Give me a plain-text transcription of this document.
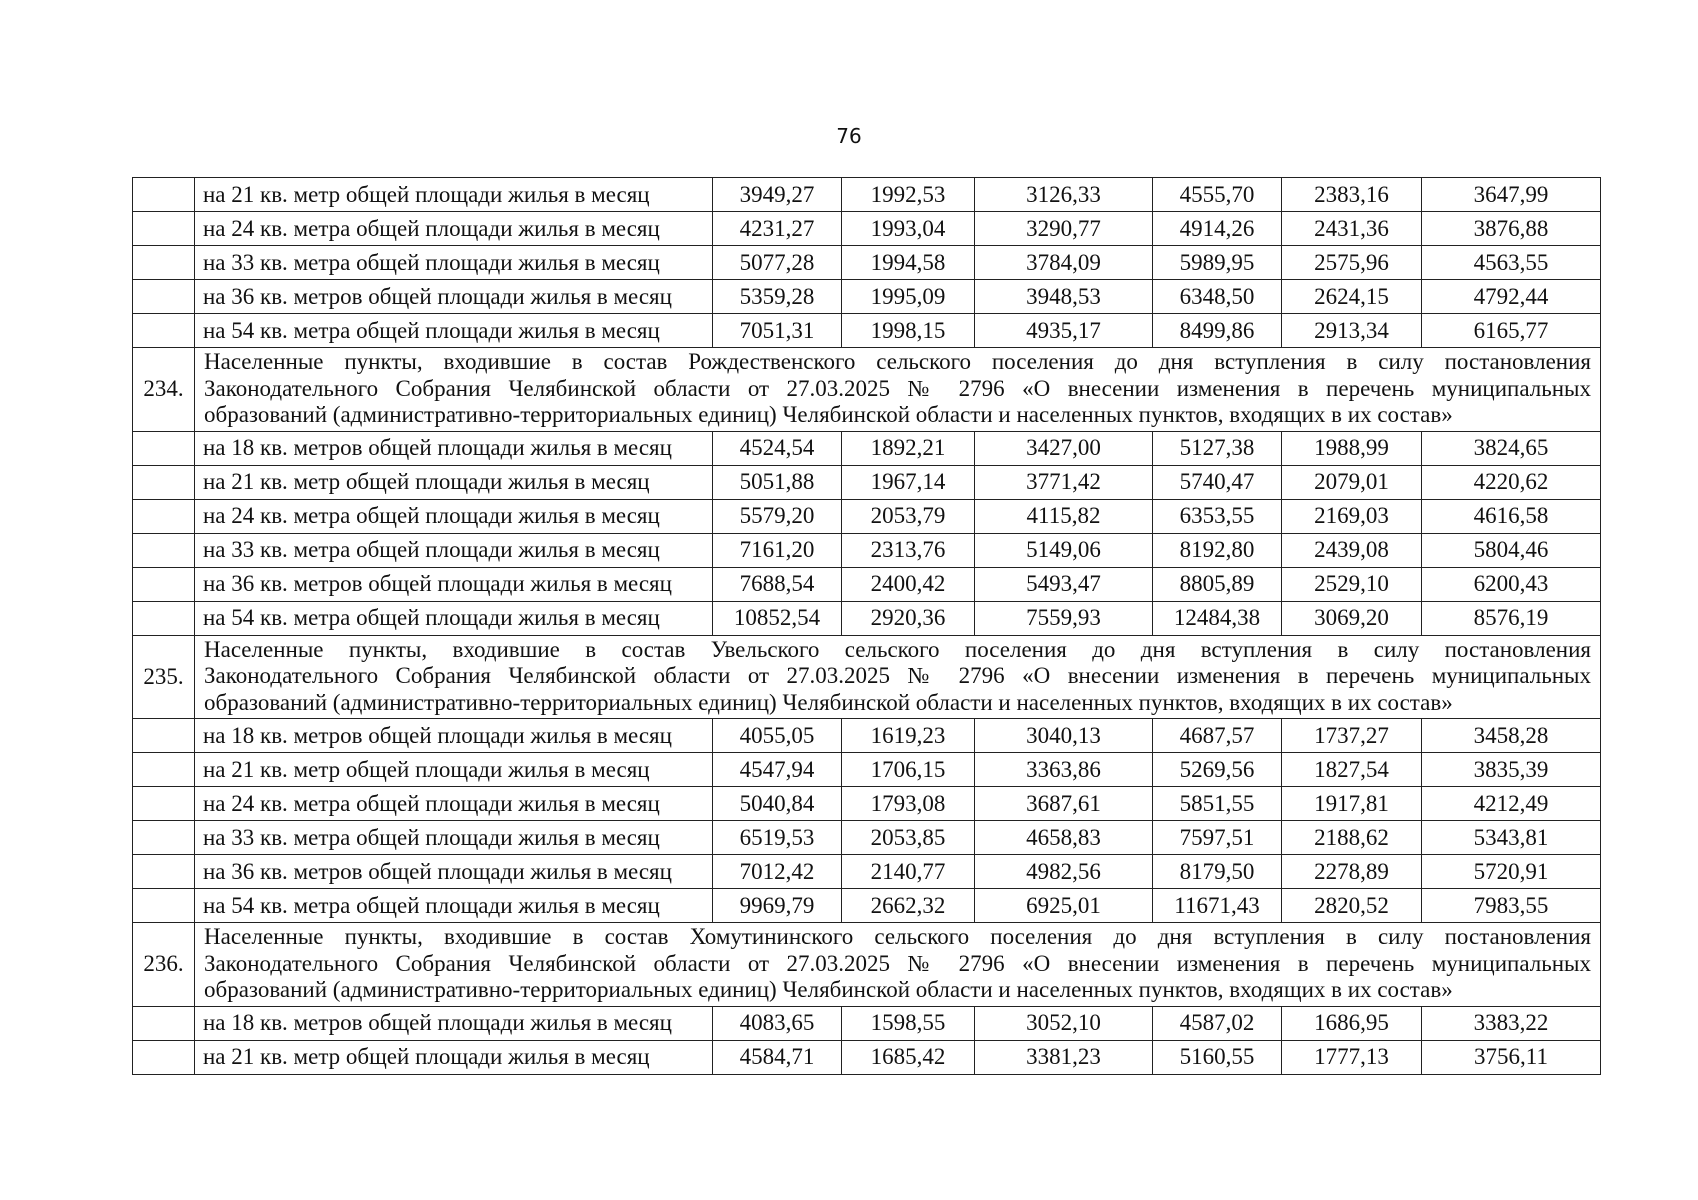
76
	на 21 кв. метр общей площади жилья в месяц	3949,27	1992,53	3126,33	4555,70	2383,16	3647,99
	на 24 кв. метра общей площади жилья в месяц	4231,27	1993,04	3290,77	4914,26	2431,36	3876,88
	на 33 кв. метра общей площади жилья в месяц	5077,28	1994,58	3784,09	5989,95	2575,96	4563,55
	на 36 кв. метров общей площади жилья в месяц	5359,28	1995,09	3948,53	6348,50	2624,15	4792,44
	на 54 кв. метра общей площади жилья в месяц	7051,31	1998,15	4935,17	8499,86	2913,34	6165,77
234.	Населенные пункты, входившие в состав Рождественского сельского поселения до дня вступления в силу постановления
Законодательного Собрания Челябинской области от 27.03.2025 № 2796 «О внесении изменения в перечень муниципальных
образований (административно-территориальных единиц) Челябинской области и населенных пунктов, входящих в их состав»						

	на 18 кв. метров общей площади жилья в месяц	4524,54	1892,21	3427,00	5127,38	1988,99	3824,65
	на 21 кв. метр общей площади жилья в месяц	5051,88	1967,14	3771,42	5740,47	2079,01	4220,62
	на 24 кв. метра общей площади жилья в месяц	5579,20	2053,79	4115,82	6353,55	2169,03	4616,58
	на 33 кв. метра общей площади жилья в месяц	7161,20	2313,76	5149,06	8192,80	2439,08	5804,46
	на 36 кв. метров общей площади жилья в месяц	7688,54	2400,42	5493,47	8805,89	2529,10	6200,43
	на 54 кв. метра общей площади жилья в месяц	10852,54	2920,36	7559,93	12484,38	3069,20	8576,19
235.	Населенные пункты, входившие в состав Увельского сельского поселения до дня вступления в силу постановления
Законодательного Собрания Челябинской области от 27.03.2025 № 2796 «О внесении изменения в перечень муниципальных
образований (административно-территориальных единиц) Челябинской области и населенных пунктов, входящих в их состав»						

	на 18 кв. метров общей площади жилья в месяц	4055,05	1619,23	3040,13	4687,57	1737,27	3458,28
	на 21 кв. метр общей площади жилья в месяц	4547,94	1706,15	3363,86	5269,56	1827,54	3835,39
	на 24 кв. метра общей площади жилья в месяц	5040,84	1793,08	3687,61	5851,55	1917,81	4212,49
	на 33 кв. метра общей площади жилья в месяц	6519,53	2053,85	4658,83	7597,51	2188,62	5343,81
	на 36 кв. метров общей площади жилья в месяц	7012,42	2140,77	4982,56	8179,50	2278,89	5720,91
	на 54 кв. метра общей площади жилья в месяц	9969,79	2662,32	6925,01	11671,43	2820,52	7983,55
236.	Населенные пункты, входившие в состав Хомутининского сельского поселения до дня вступления в силу постановления
Законодательного Собрания Челябинской области от 27.03.2025 № 2796 «О внесении изменения в перечень муниципальных
образований (административно-территориальных единиц) Челябинской области и населенных пунктов, входящих в их состав»						

	на 18 кв. метров общей площади жилья в месяц	4083,65	1598,55	3052,10	4587,02	1686,95	3383,22
	на 21 кв. метр общей площади жилья в месяц	4584,71	1685,42	3381,23	5160,55	1777,13	3756,11
